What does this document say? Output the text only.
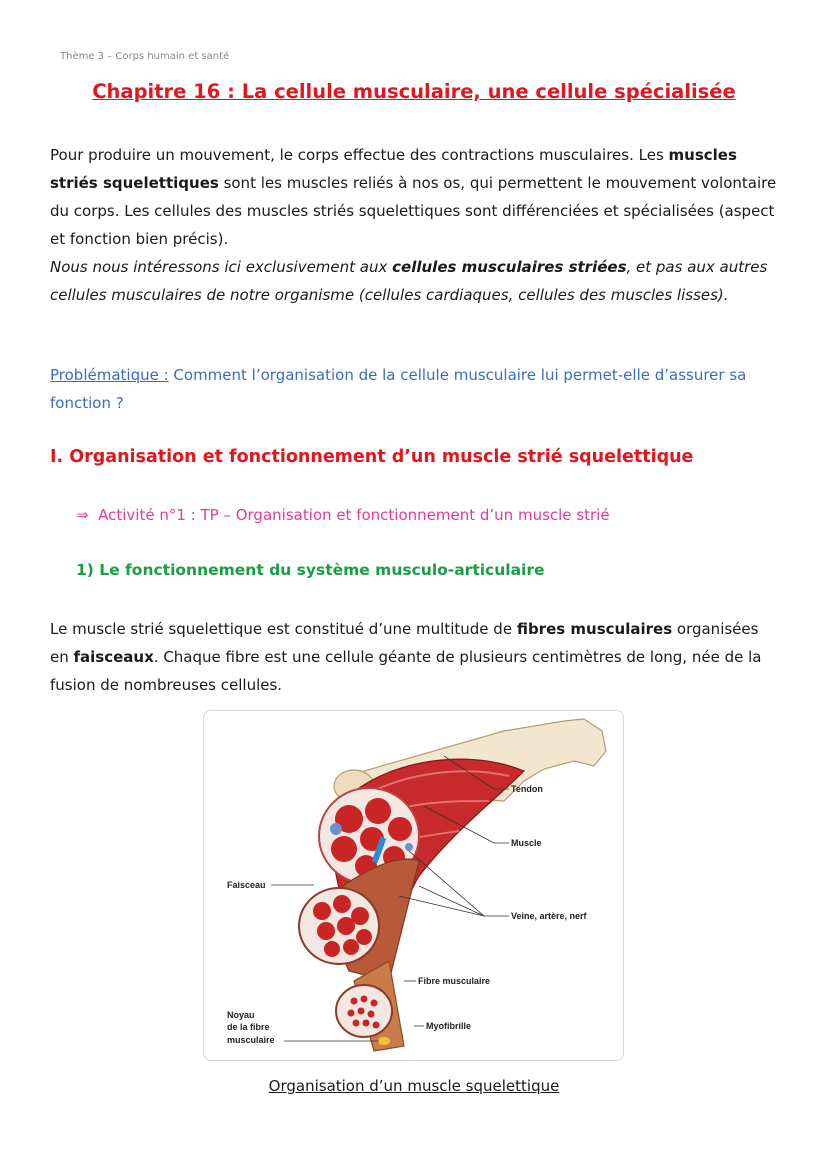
Thème 3 – Corps humain et santé
Chapitre 16 : La cellule musculaire, une cellule spécialisée

Pour produire un mouvement, le corps effectue des contractions musculaires. Les muscles striés squelettiques sont les muscles reliés à nos os, qui permettent le mouvement volontaire du corps. Les cellules des muscles striés squelettiques sont différenciées et spécialisées (aspect et fonction bien précis).
Nous nous intéressons ici exclusivement aux cellules musculaires striées, et pas aux autres cellules musculaires de notre organisme (cellules cardiaques, cellules des muscles lisses).

Problématique : Comment l’organisation de la cellule musculaire lui permet-elle d’assurer sa fonction ?

I. Organisation et fonctionnement d’un muscle strié squelettique
⇒ Activité n°1 : TP – Organisation et fonctionnement d’un muscle strié
1) Le fonctionnement du système musculo-articulaire

Le muscle strié squelettique est constitué d’une multitude de fibres musculaires organisées en faisceaux. Chaque fibre est une cellule géante de plusieurs centimètres de long, née de la fusion de nombreuses cellules.

Tendon
Muscle
Faisceau
Veine, artère, nerf
Fibre musculaire
Myofibrille
Noyau
de la fibre
musculaire
Organisation d’un muscle squelettique
